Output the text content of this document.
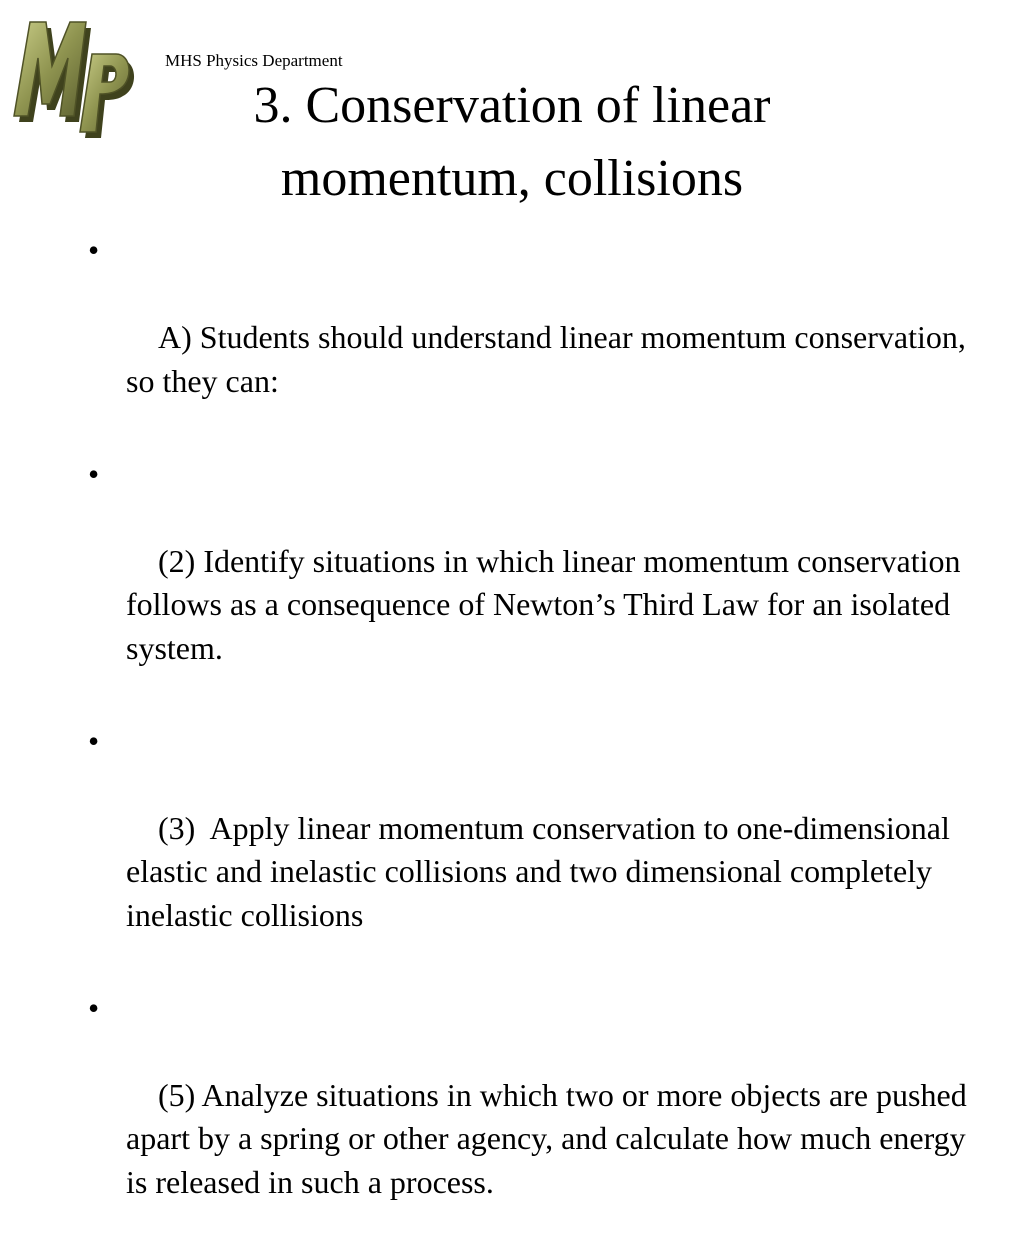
MHS Physics Department
3. Conservation of linear momentum, collisions

•

A) Students should understand linear momentum conservation, so they can:

•

(2) Identify situations in which linear momentum conservation follows as a consequence of Newton’s Third Law for an isolated system.

•

(3)  Apply linear momentum conservation to one-dimensional elastic and inelastic collisions and two dimensional completely inelastic collisions

•

(5) Analyze situations in which two or more objects are pushed apart by a spring or other agency, and calculate how much energy is released in such a process.
